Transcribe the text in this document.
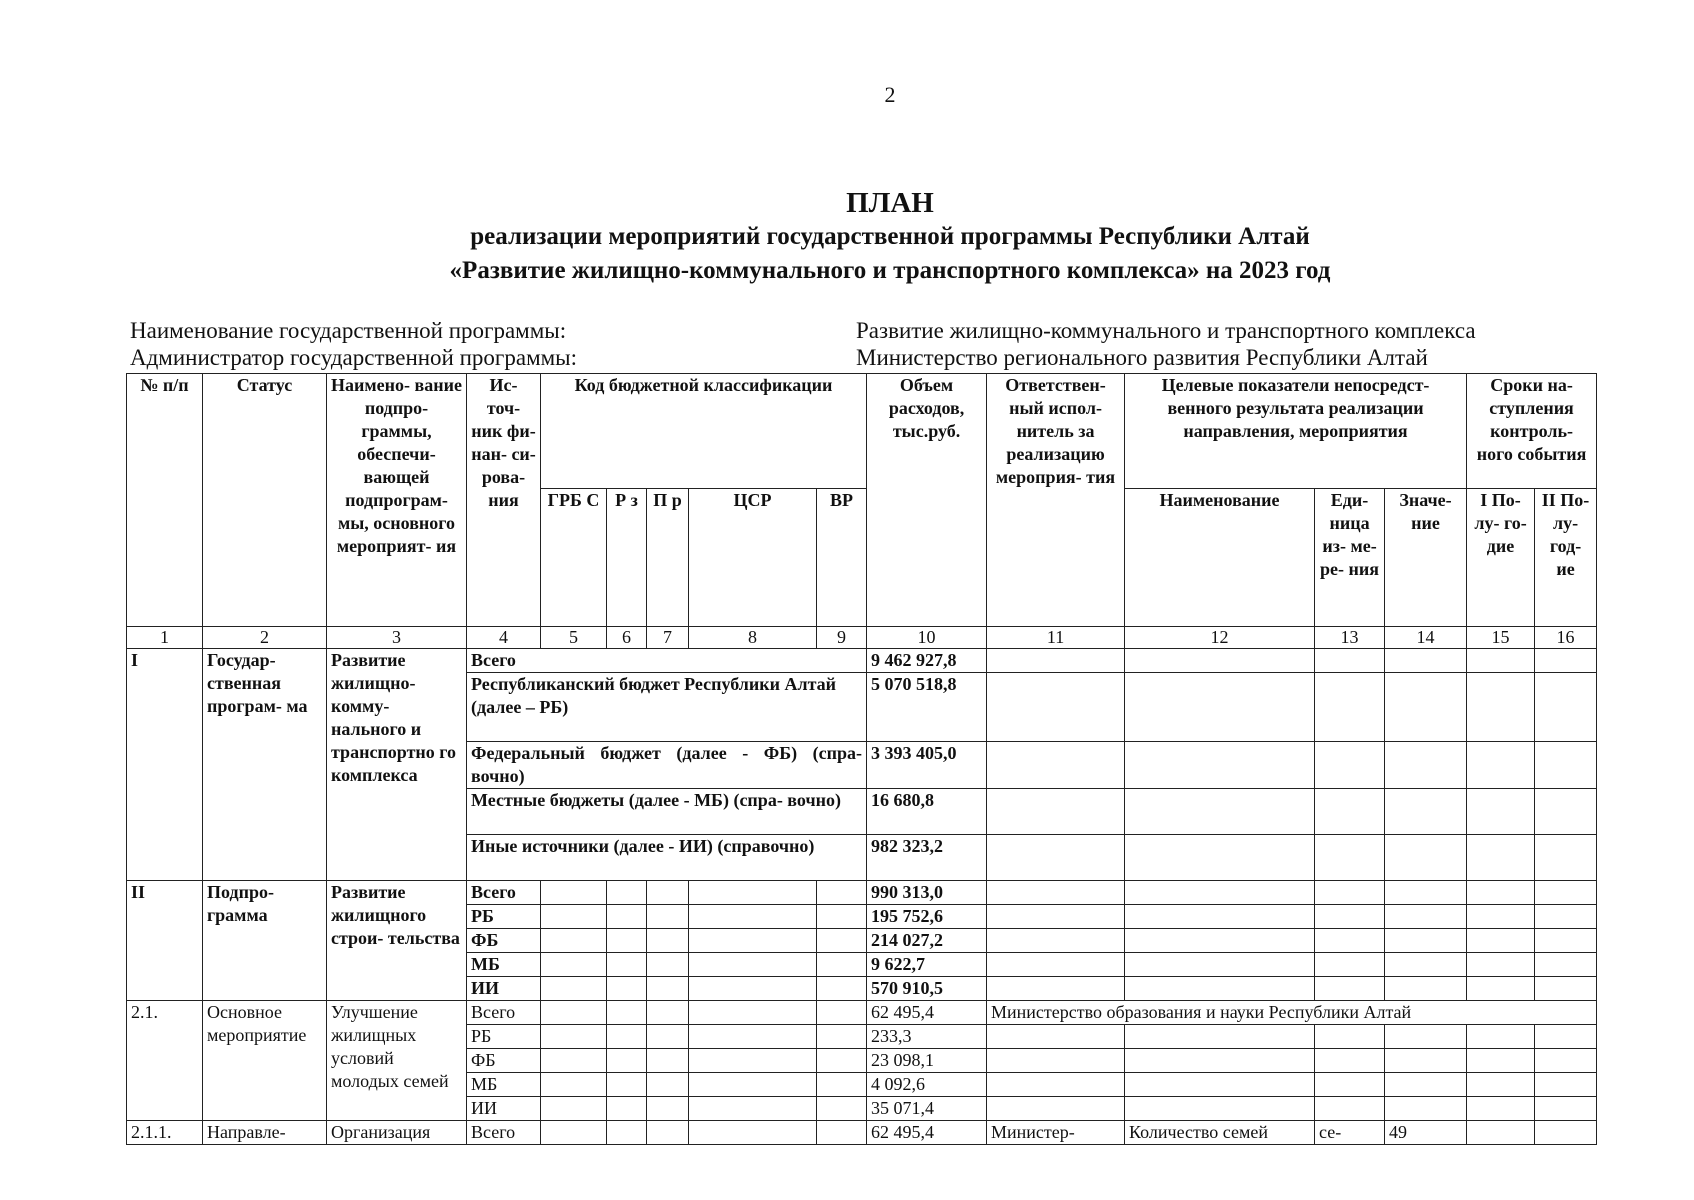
2
ПЛАН
реализации мероприятий государственной программы Республики Алтай
«Развитие жилищно-коммунального и транспортного комплекса» на 2023 год
Наименование государственной программы:	Развитие жилищно-коммунального и транспортного комплекса
Администратор государственной программы:	Министерство регионального развития Республики Алтай
№ п/п	Статус	Наимено- вание подпро- граммы, обеспечи- вающей подпрограм- мы, основного мероприят- ия	Ис- точ- ник фи- нан- си- рова- ния	Код бюджетной классификации					Объем расходов, тыс.руб.	Ответствен- ный испол- нитель за реализацию мероприя- тия	Целевые показатели непосредст- венного результата реализации направления, мероприятия			Сроки на- ступления контроль- ного события	
				ГРБ С	Р з	П р	ЦСР	ВР			Наименование	Еди- ница из- ме- ре- ния	Значе- ние	I По- лу- го- дие	II По- лу- год- ие
1	2	3	4	5	6	7	8	9	10	11	12	13	14	15	16
I	Государ- ственная програм- ма	Развитие жилищно- комму- нального и транспортно го комплекса	Всего						9 462 927,8						
			Республиканский бюджет Республики Алтай (далее – РБ)						5 070 518,8						
			Федеральный бюджет (далее - ФБ) (спра- вочно)						3 393 405,0						
			Местные бюджеты (далее - МБ) (спра- вочно)						16 680,8						
			Иные источники (далее - ИИ) (справочно)						982 323,2						
II	Подпро- грамма	Развитие жилищного строи- тельства	Всего						990 313,0						
			РБ						195 752,6						
			ФБ						214 027,2						
			МБ						9 622,7						
			ИИ						570 910,5						
2.1.	Основное мероприятие	Улучшение жилищных условий молодых семей	Всего						62 495,4	Министерство образования и науки Республики Алтай					
			РБ						233,3						
			ФБ						23 098,1						
			МБ						4 092,6						
			ИИ						35 071,4						
2.1.1.	Направле-	Организация	Всего						62 495,4	Министер-	Количество семей	се-	49		
